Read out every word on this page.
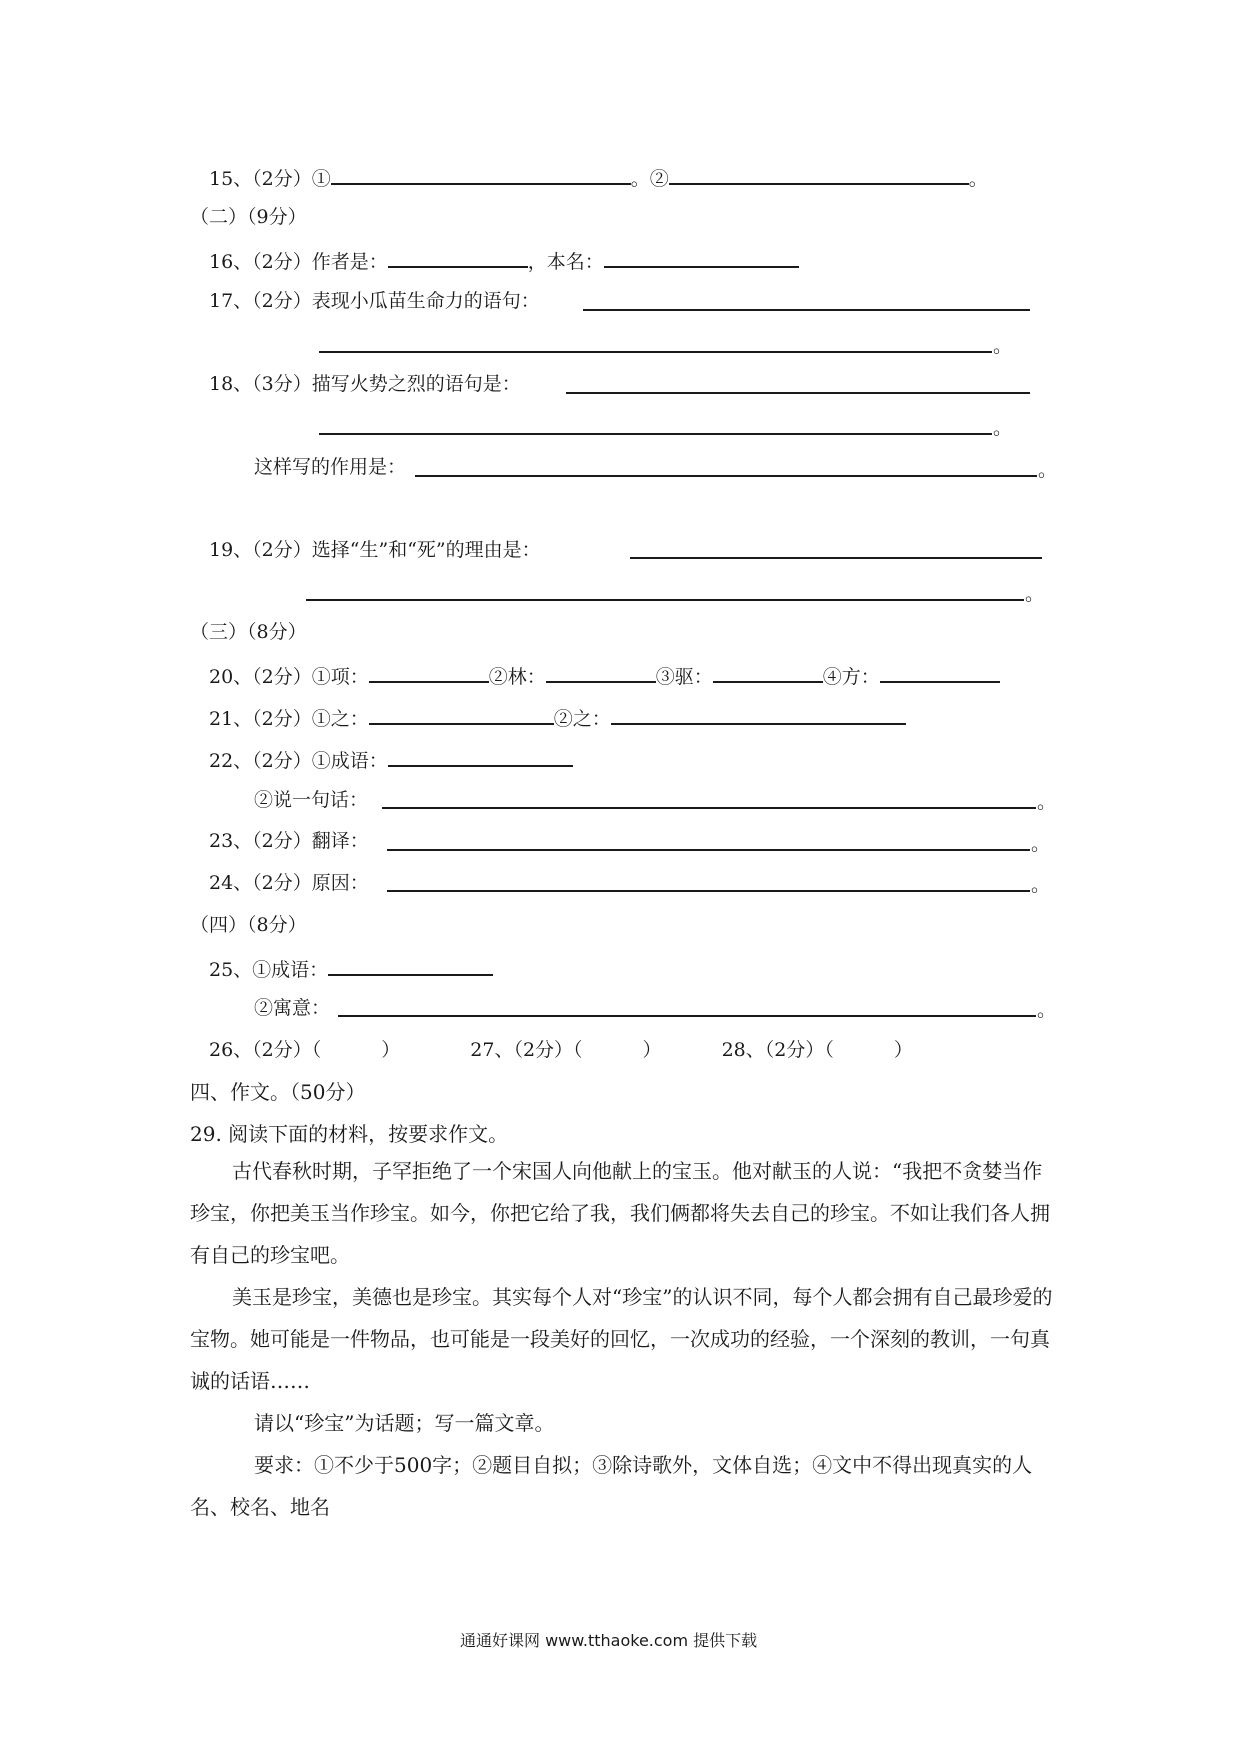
15、（2分）①	。②	。
（二）（9分）
16、（2分）作者是：	，本名：
17、（2分）表现小瓜苗生命力的语句：
。
18、（3分）描写火势之烈的语句是：
。
这样写的作用是：	。
19、（2分）选择“生”和“死”的理由是：
。
（三）（8分）
20、（2分）①项：	②林：	③驱：	④方：
21、（2分）①之：	②之：
22、（2分）①成语：
②说一句话：	。
23、（2分）翻译：	。
24、（2分）原因：	。
（四）（8分）
25、①成语：
②寓意：	。
26、（2分）（	）	27、（2分）（	）	28、（2分）（	）
四、作文。（50分）
29. 阅读下面的材料，按要求作文。
古代春秋时期，子罕拒绝了一个宋国人向他献上的宝玉。他对献玉的人说：“我把不贪婪当作珍宝，你把美玉当作珍宝。如今，你把它给了我，我们俩都将失去自己的珍宝。不如让我们各人拥有自己的珍宝吧。
美玉是珍宝，美德也是珍宝。其实每个人对“珍宝”的认识不同，每个人都会拥有自己最珍爱的宝物。她可能是一件物品，也可能是一段美好的回忆，一次成功的经验，一个深刻的教训，一句真诚的话语……
请以“珍宝”为话题；写一篇文章。
要求：①不少于500字；②题目自拟；③除诗歌外，文体自选；④文中不得出现真实的人名、校名、地名
通通好课网 www.tthaoke.com 提供下载
